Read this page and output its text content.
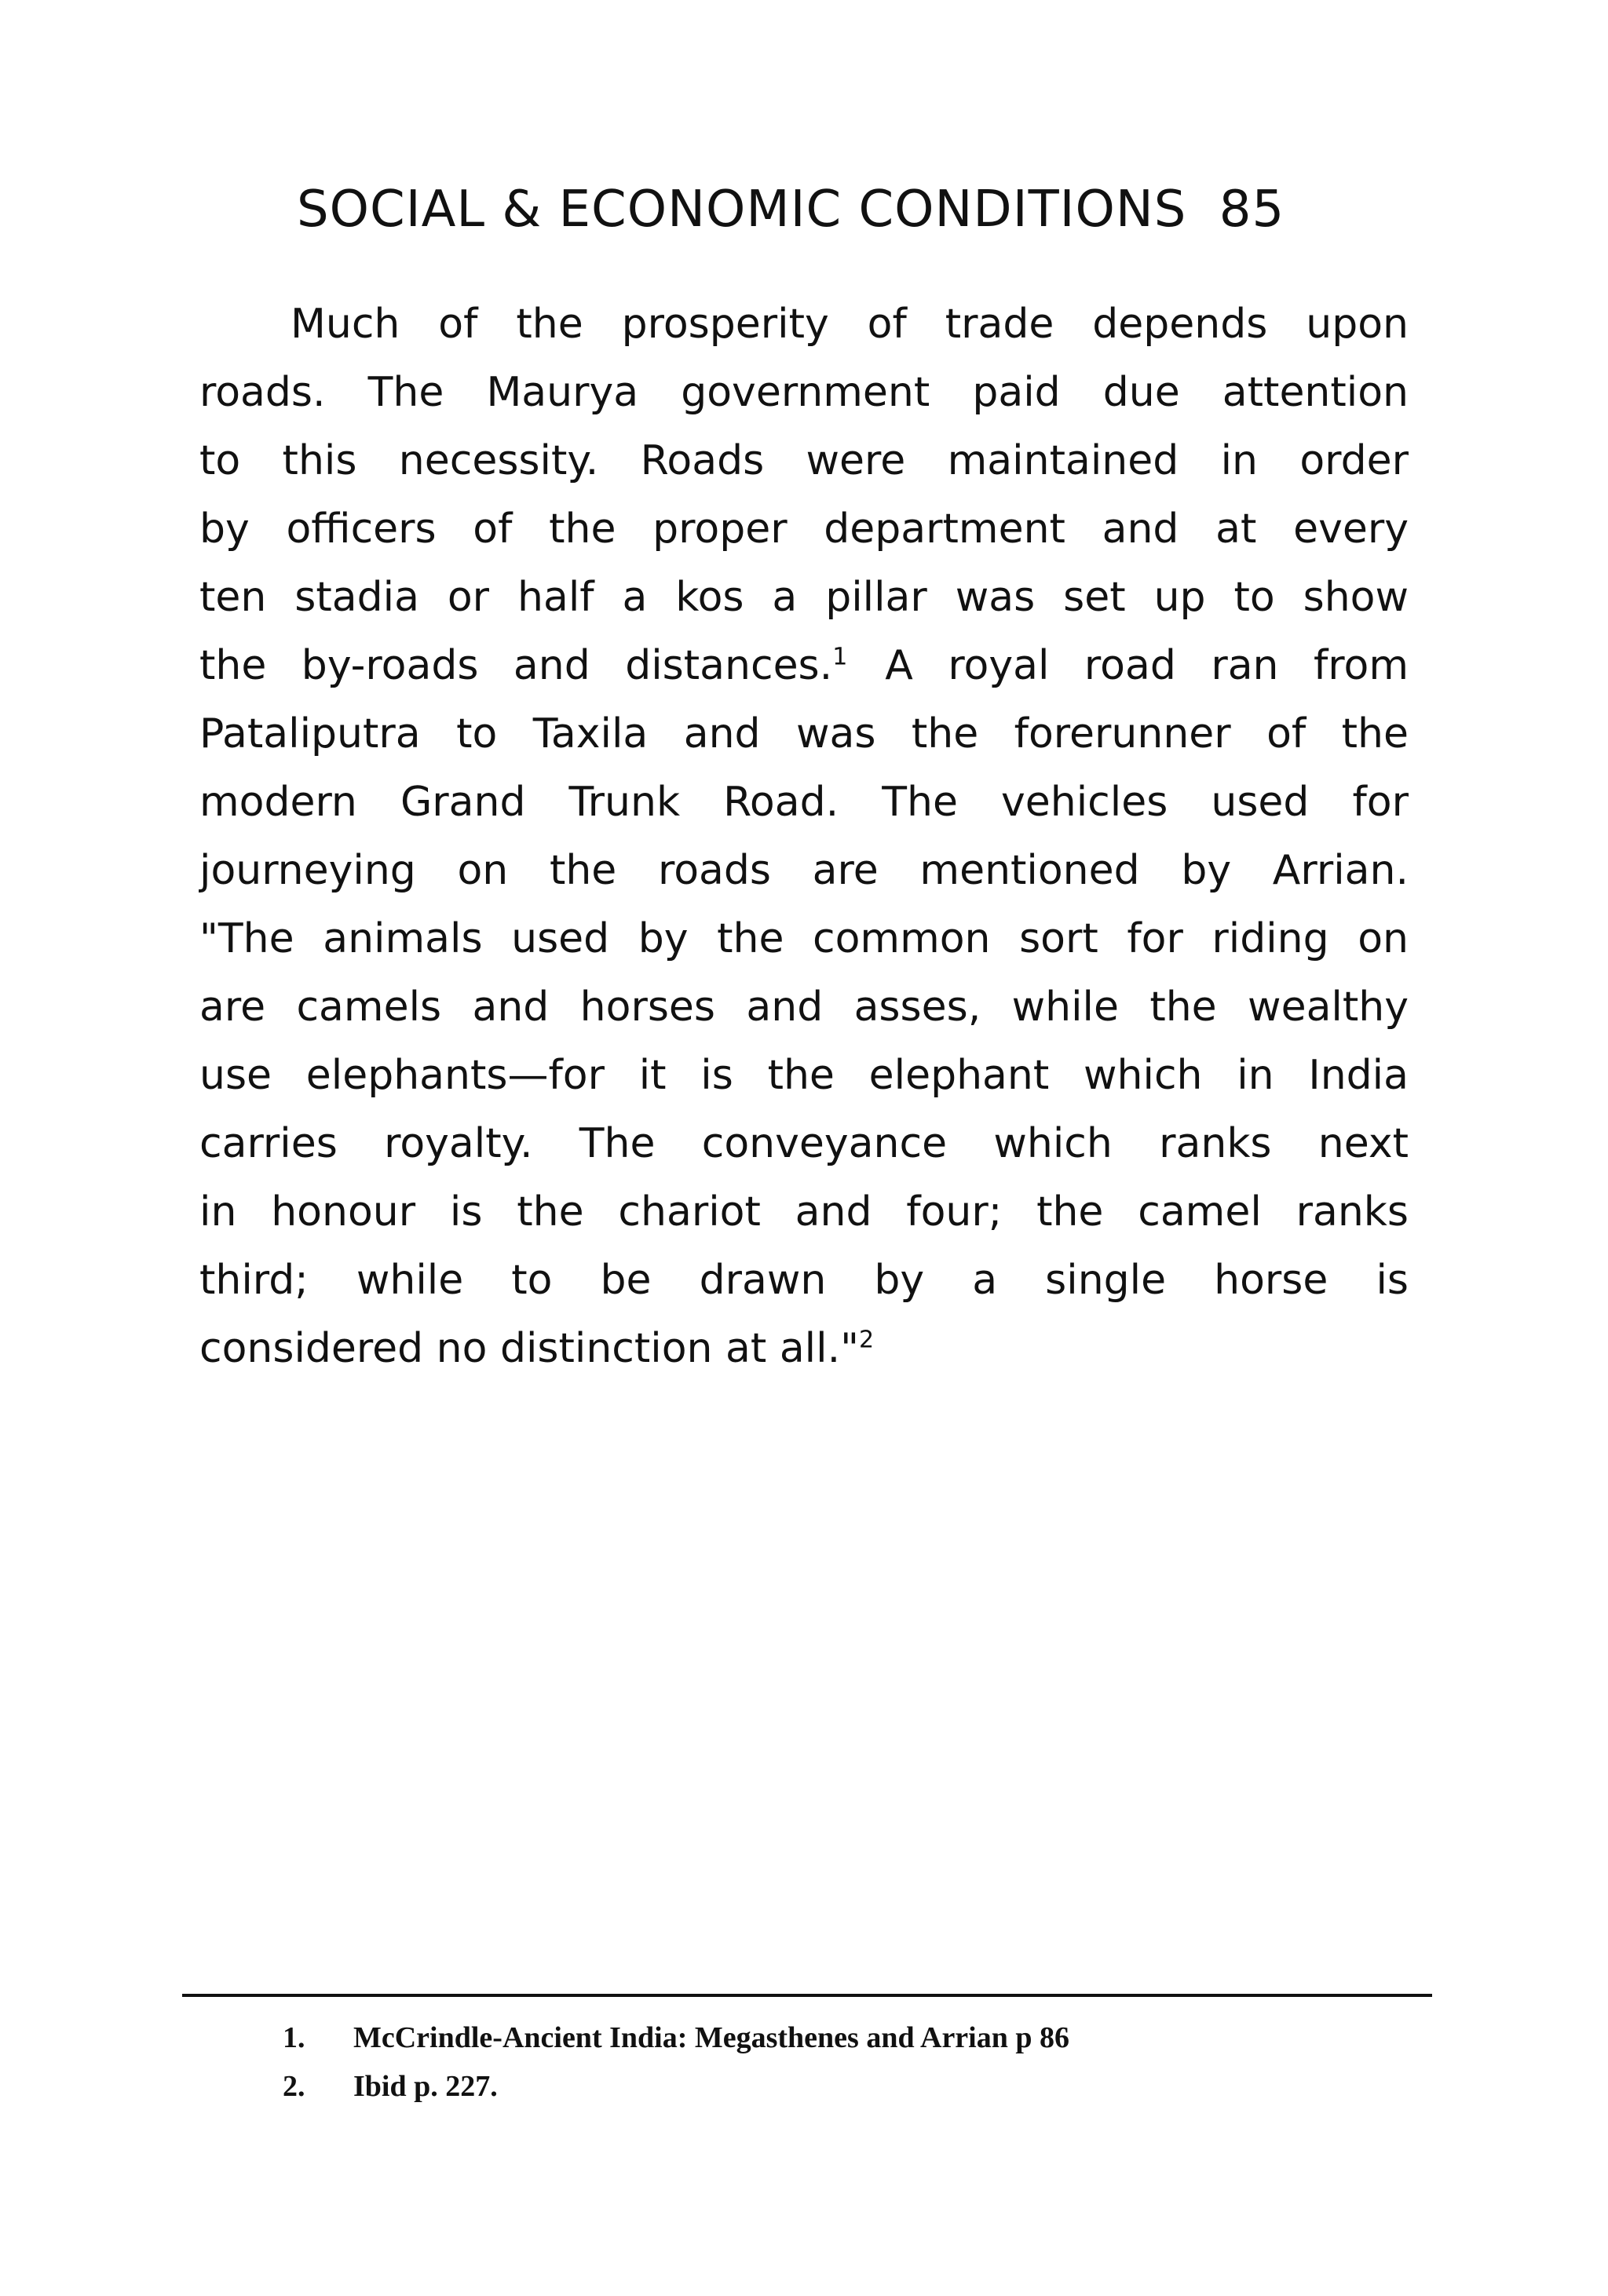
SOCIAL & ECONOMIC CONDITIONS 85
Much of the prosperity of trade depends upon
roads. The Maurya government paid due attention
to this necessity. Roads were maintained in order
by officers of the proper department and at every
ten stadia or half a kos a pillar was set up to show
the by-roads and distances.$^1$ A royal road ran from
Pataliputra to Taxila and was the forerunner of the
modern Grand Trunk Road. The vehicles used for
journeying on the roads are mentioned by Arrian.
"The animals used by the common sort for riding on
are camels and horses and asses, while the wealthy
use elephants—for it is the elephant which in India
carries royalty. The conveyance which ranks next
in honour is the chariot and four; the camel ranks
third; while to be drawn by a single horse is
considered no distinction at all."$^2$
1. McCrindle-Ancient India: Megasthenes and Arrian p 86
2. Ibid p. 227.
